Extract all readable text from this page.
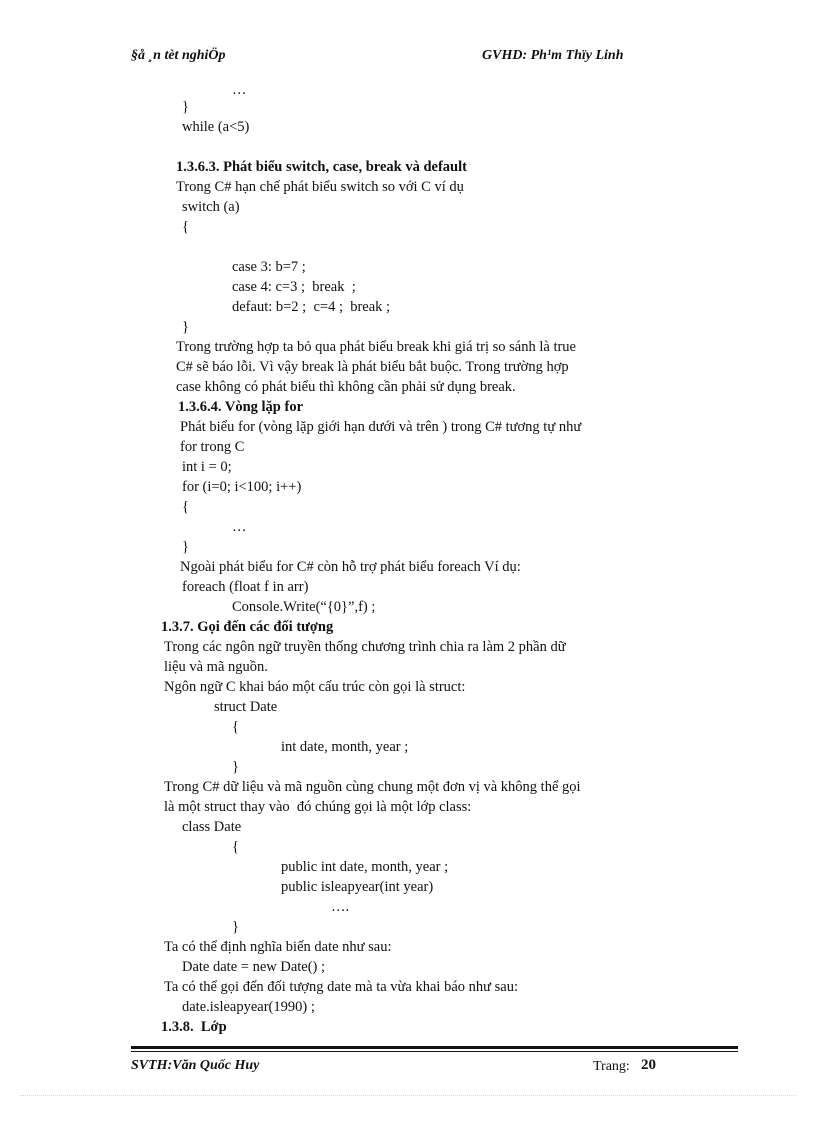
§å ¸n tèt nghiÖp	GVHD: Ph¹m Thïy Linh
…
}
while (a<5)
1.3.6.3. Phát biểu switch, case, break và default
Trong C# hạn chế phát biểu switch so với C ví dụ
switch (a)
{
case 3: b=7 ;
case 4: c=3 ;  break  ;
defaut: b=2 ;  c=4 ;  break ;
}
Trong trường hợp ta bỏ qua phát biểu break khi giá trị so sánh là true
C# sẽ báo lỗi. Vì vậy break là phát biểu bắt buộc. Trong trường hợp
case không có phát biểu thì không cần phải sử dụng break.
1.3.6.4. Vòng lặp for
Phát biểu for (vòng lặp giới hạn dưới và trên ) trong C# tương tự như
for trong C
int i = 0;
for (i=0; i<100; i++)
{
…
}
Ngoài phát biểu for C# còn hỗ trợ phát biểu foreach Ví dụ:
foreach (float f in arr)
Console.Write(“{0}”,f) ;
1.3.7. Gọi đến các đối tượng
Trong các ngôn ngữ truyền thống chương trình chia ra làm 2 phần dữ
liệu và mã nguồn.
Ngôn ngữ C khai báo một cấu trúc còn gọi là struct:
struct Date
{
int date, month, year ;
}
Trong C# dữ liệu và mã nguồn cùng chung một đơn vị và không thể gọi
là một struct thay vào  đó chúng gọi là một lớp class:
class Date
{
public int date, month, year ;
public isleapyear(int year)
….
}
Ta có thể định nghĩa biến date như sau:
Date date = new Date() ;
Ta có thể gọi đến đối tượng date mà ta vừa khai báo như sau:
date.isleapyear(1990) ;
1.3.8.  Lớp
SVTH:Văn Quốc Huy	Trang: 20
